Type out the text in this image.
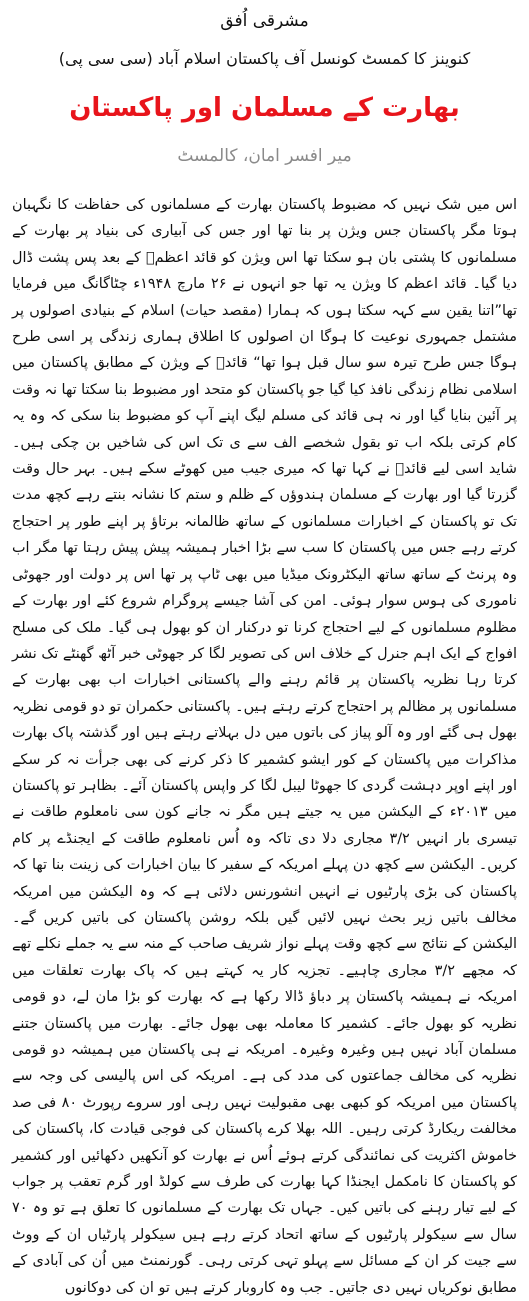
مشرقی اُفق

کنوینز کا کمسٹ کونسل آف پاکستان اسلام آباد (سی سی پی)

بھارت کے مسلمان اور پاکستان

میر افسر امان، کالمسٹ

اس میں شک نہیں کہ مضبوط پاکستان بھارت کے مسلمانوں کی حفاظت کا نگہبان ہوتا مگر پاکستان جس ویژن پر بنا تھا اور جس کی آبیاری کی بنیاد پر بھارت کے مسلمانوں کا پشتی بان ہو سکتا تھا اس ویژن کو قائد اعظمؒ کے بعد پس پشت ڈال دیا گیا۔ قائد اعظم کا ویژن یہ تھا جو انہوں نے ۲۶ مارچ ۱۹۴۸ء چٹاگانگ میں فرمایا تھا”اتنا یقین سے کہہ سکتا ہوں کہ ہمارا (مقصد حیات) اسلام کے بنیادی اصولوں پر مشتمل جمہوری نوعیت کا ہوگا ان اصولوں کا اطلاق ہماری زندگی پر اسی طرح ہوگا جس طرح تیرہ سو سال قبل ہوا تھا“ قائدؒ کے ویژن کے مطابق پاکستان میں اسلامی نظام زندگی نافذ کیا گیا جو پاکستان کو متحد اور مضبوط بنا سکتا تھا نہ وقت پر آئین بنایا گیا اور نہ ہی قائد کی مسلم لیگ اپنے آپ کو مضبوط بنا سکی کہ وہ یہ کام کرتی بلکہ اب تو بقول شخصے الف سے ی تک اس کی شاخیں بن چکی ہیں۔ شاید اسی لیے قائدؒ نے کہا تھا کہ میری جیب میں کھوٹے سکے ہیں۔ بہر حال وقت گزرتا گیا اور بھارت کے مسلمان ہندوؤں کے ظلم و ستم کا نشانہ بنتے رہے کچھ مدت تک تو پاکستان کے اخبارات مسلمانوں کے ساتھ ظالمانہ برتاؤ پر اپنے طور پر احتجاج کرتے رہے جس میں پاکستان کا سب سے بڑا اخبار ہمیشہ پیش پیش رہتا تھا مگر اب وہ پرنٹ کے ساتھ ساتھ الیکٹرونک میڈیا میں بھی ٹاپ پر تھا اس پر دولت اور جھوٹی ناموری کی ہوس سوار ہوئی۔ امن کی آشا جیسے پروگرام شروع کئے اور بھارت کے مظلوم مسلمانوں کے لیے احتجاج کرنا تو درکنار ان کو بھول ہی گیا۔ ملک کی مسلح افواج کے ایک اہم جنرل کے خلاف اس کی تصویر لگا کر جھوٹی خبر آٹھ گھنٹے تک نشر کرتا رہا نظریہ پاکستان پر قائم رہنے والے پاکستانی اخبارات اب بھی بھارت کے مسلمانوں پر مظالم پر احتجاج کرتے رہتے ہیں۔ پاکستانی حکمران تو دو قومی نظریہ بھول ہی گئے اور وہ آلو پیاز کی باتوں میں دل بہلاتے رہتے ہیں اور گذشتہ پاک بھارت مذاکرات میں پاکستان کے کور ایشو کشمیر کا ذکر کرنے کی بھی جرأت نہ کر سکے اور اپنے اوپر دہشت گردی کا جھوٹا لیبل لگا کر واپس پاکستان آئے۔ بظاہر تو پاکستان میں ۲۰۱۳ء کے الیکشن میں یہ جیتے ہیں مگر نہ جانے کون سی نامعلوم طاقت نے تیسری بار انہیں ۳/۲ مجاری دلا دی تاکہ وہ اُس نامعلوم طاقت کے ایجنڈے پر کام کریں۔ الیکشن سے کچھ دن پہلے امریکہ کے سفیر کا بیان اخبارات کی زینت بنا تھا کہ پاکستان کی بڑی پارٹیوں نے انہیں انشورنس دلائی ہے کہ وہ الیکشن میں امریکہ مخالف باتیں زیر بحث نہیں لائیں گیں بلکہ روشن پاکستان کی باتیں کریں گے۔ الیکشن کے نتائج سے کچھ وقت پہلے نواز شریف صاحب کے منہ سے یہ جملے نکلے تھے کہ مجھے ۳/۲ مجاری چاہیے۔ تجزیہ کار یہ کہتے ہیں کہ پاک بھارت تعلقات میں امریکہ نے ہمیشہ پاکستان پر دباؤ ڈالا رکھا ہے کہ بھارت کو بڑا مان لے، دو قومی نظریہ کو بھول جائے۔ کشمیر کا معاملہ بھی بھول جائے۔ بھارت میں پاکستان جتنے مسلمان آباد نہیں ہیں وغیرہ وغیرہ۔ امریکہ نے ہی پاکستان میں ہمیشہ دو قومی نظریہ کی مخالف جماعتوں کی مدد کی ہے۔ امریکہ کی اس پالیسی کی وجہ سے پاکستان میں امریکہ کو کبھی بھی مقبولیت نہیں رہی اور سروے رپورٹ ۸۰ فی صد مخالفت ریکارڈ کرتی رہیں۔ اللہ بھلا کرے پاکستان کی فوجی قیادت کا، پاکستان کی خاموش اکثریت کی نمائندگی کرتے ہوئے اُس نے بھارت کو آنکھیں دکھائیں اور کشمیر کو پاکستان کا نامکمل ایجنڈا کہا بھارت کی طرف سے کولڈ اور گرم تعقب پر جواب کے لیے تیار رہنے کی باتیں کیں۔ جہاں تک بھارت کے مسلمانوں کا تعلق ہے تو وہ ۷۰ سال سے سیکولر پارٹیوں کے ساتھ اتحاد کرتے رہے ہیں سیکولر پارٹیاں ان کے ووٹ سے جیت کر ان کے مسائل سے پہلو تہی کرتی رہی۔ گورنمنٹ میں اُن کی آبادی کے مطابق نوکریاں نہیں دی جاتیں۔ جب وہ کاروبار کرتے ہیں تو ان کی دوکانوں
